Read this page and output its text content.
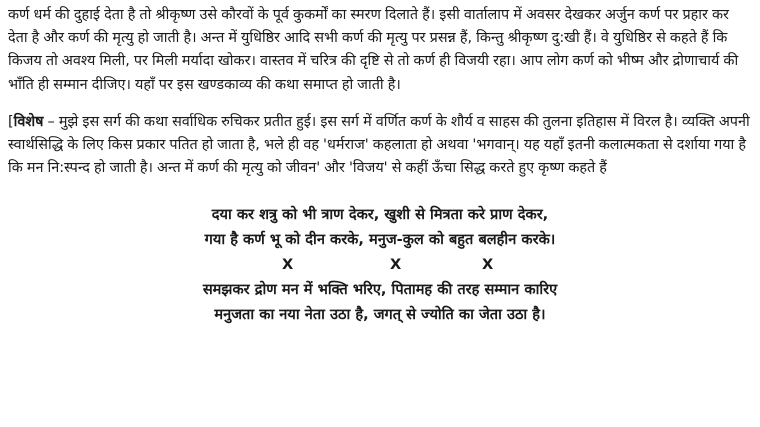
कर्ण धर्म की दुहाई देता है तो श्रीकृष्ण उसे कौरवों के पूर्व कुकर्मों का स्मरण दिलाते हैं। इसी वार्तालाप में अवसर देखकर अर्जुन कर्ण पर प्रहार कर देता है और कर्ण की मृत्यु हो जाती है। अन्त में युधिष्ठिर आदि सभी कर्ण की मृत्यु पर प्रसन्न हैं, किन्तु श्रीकृष्ण दु:खी हैं। वे युधिष्ठिर से कहते हैं कि किजय तो अवश्य मिली, पर मिली मर्यादा खोकर। वास्तव में चरित्र की दृष्टि से तो कर्ण ही विजयी रहा। आप लोग कर्ण को भीष्म और द्रोणाचार्य की भाँति ही सम्मान दीजिए। यहाँ पर इस खण्डकाव्य की कथा समाप्त हो जाती है।

[विशेष – मुझे इस सर्ग की कथा सर्वाधिक रुचिकर प्रतीत हुई। इस सर्ग में वर्णित कर्ण के शौर्य व साहस की तुलना इतिहास में विरल है। व्यक्ति अपनी स्वार्थसिद्धि के लिए किस प्रकार पतित हो जाता है, भले ही वह 'धर्मराज' कहलाता हो अथवा 'भगवान्। यह यहाँ इतनी कलात्मकता से दर्शाया गया है कि मन नि:स्पन्द हो जाती है। अन्त में कर्ण की मृत्यु को जीवन' और 'विजय' से कहीं ऊँचा सिद्ध करते हुए कृष्ण कहते हैं

दया कर शत्रु को भी त्राण देकर, खुशी से मित्रता करे प्राण देकर,
गया है कर्ण भू को दीन करके, मनुज-कुल को बहुत बलहीन करके।
X	X	X
समझकर द्रोण मन में भक्ति भरिए, पितामह की तरह सम्मान कारिए
मनुजता का नया नेता उठा है, जगत् से ज्योति का जेता उठा है।
